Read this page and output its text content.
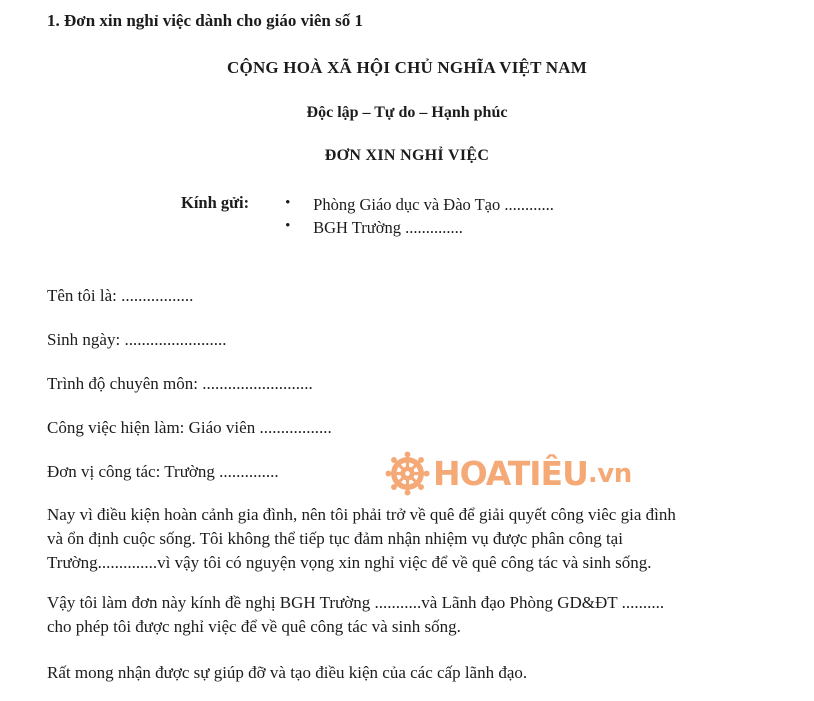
1. Đơn xin nghỉ việc dành cho giáo viên số 1
CỘNG HOÀ XÃ HỘI CHỦ NGHĨA VIỆT NAM
Độc lập – Tự do – Hạnh phúc
ĐƠN XIN NGHỈ VIỆC
Kính gửi: • Phòng Giáo dục và Đào Tạo ............
• BGH Trường ..............
Tên tôi là: .................
Sinh ngày: ........................
Trình độ chuyên môn: ..........................
Công việc hiện làm: Giáo viên .................
Đơn vị công tác: Trường ..............	HOATIÊU .vn
Nay vì điều kiện hoàn cảnh gia đình, nên tôi phải trở về quê để giải quyết công viêc gia đình
và ổn định cuộc sống. Tôi không thể tiếp tục đảm nhận nhiệm vụ được phân công tại
Trường..............vì vậy tôi có nguyện vọng xin nghỉ việc để về quê công tác và sinh sống.
Vậy tôi làm đơn này kính đề nghị BGH Trường ...........và Lãnh đạo Phòng GD&ĐT ..........
cho phép tôi được nghỉ việc để về quê công tác và sinh sống.
Rất mong nhận được sự giúp đỡ và tạo điều kiện của các cấp lãnh đạo.
